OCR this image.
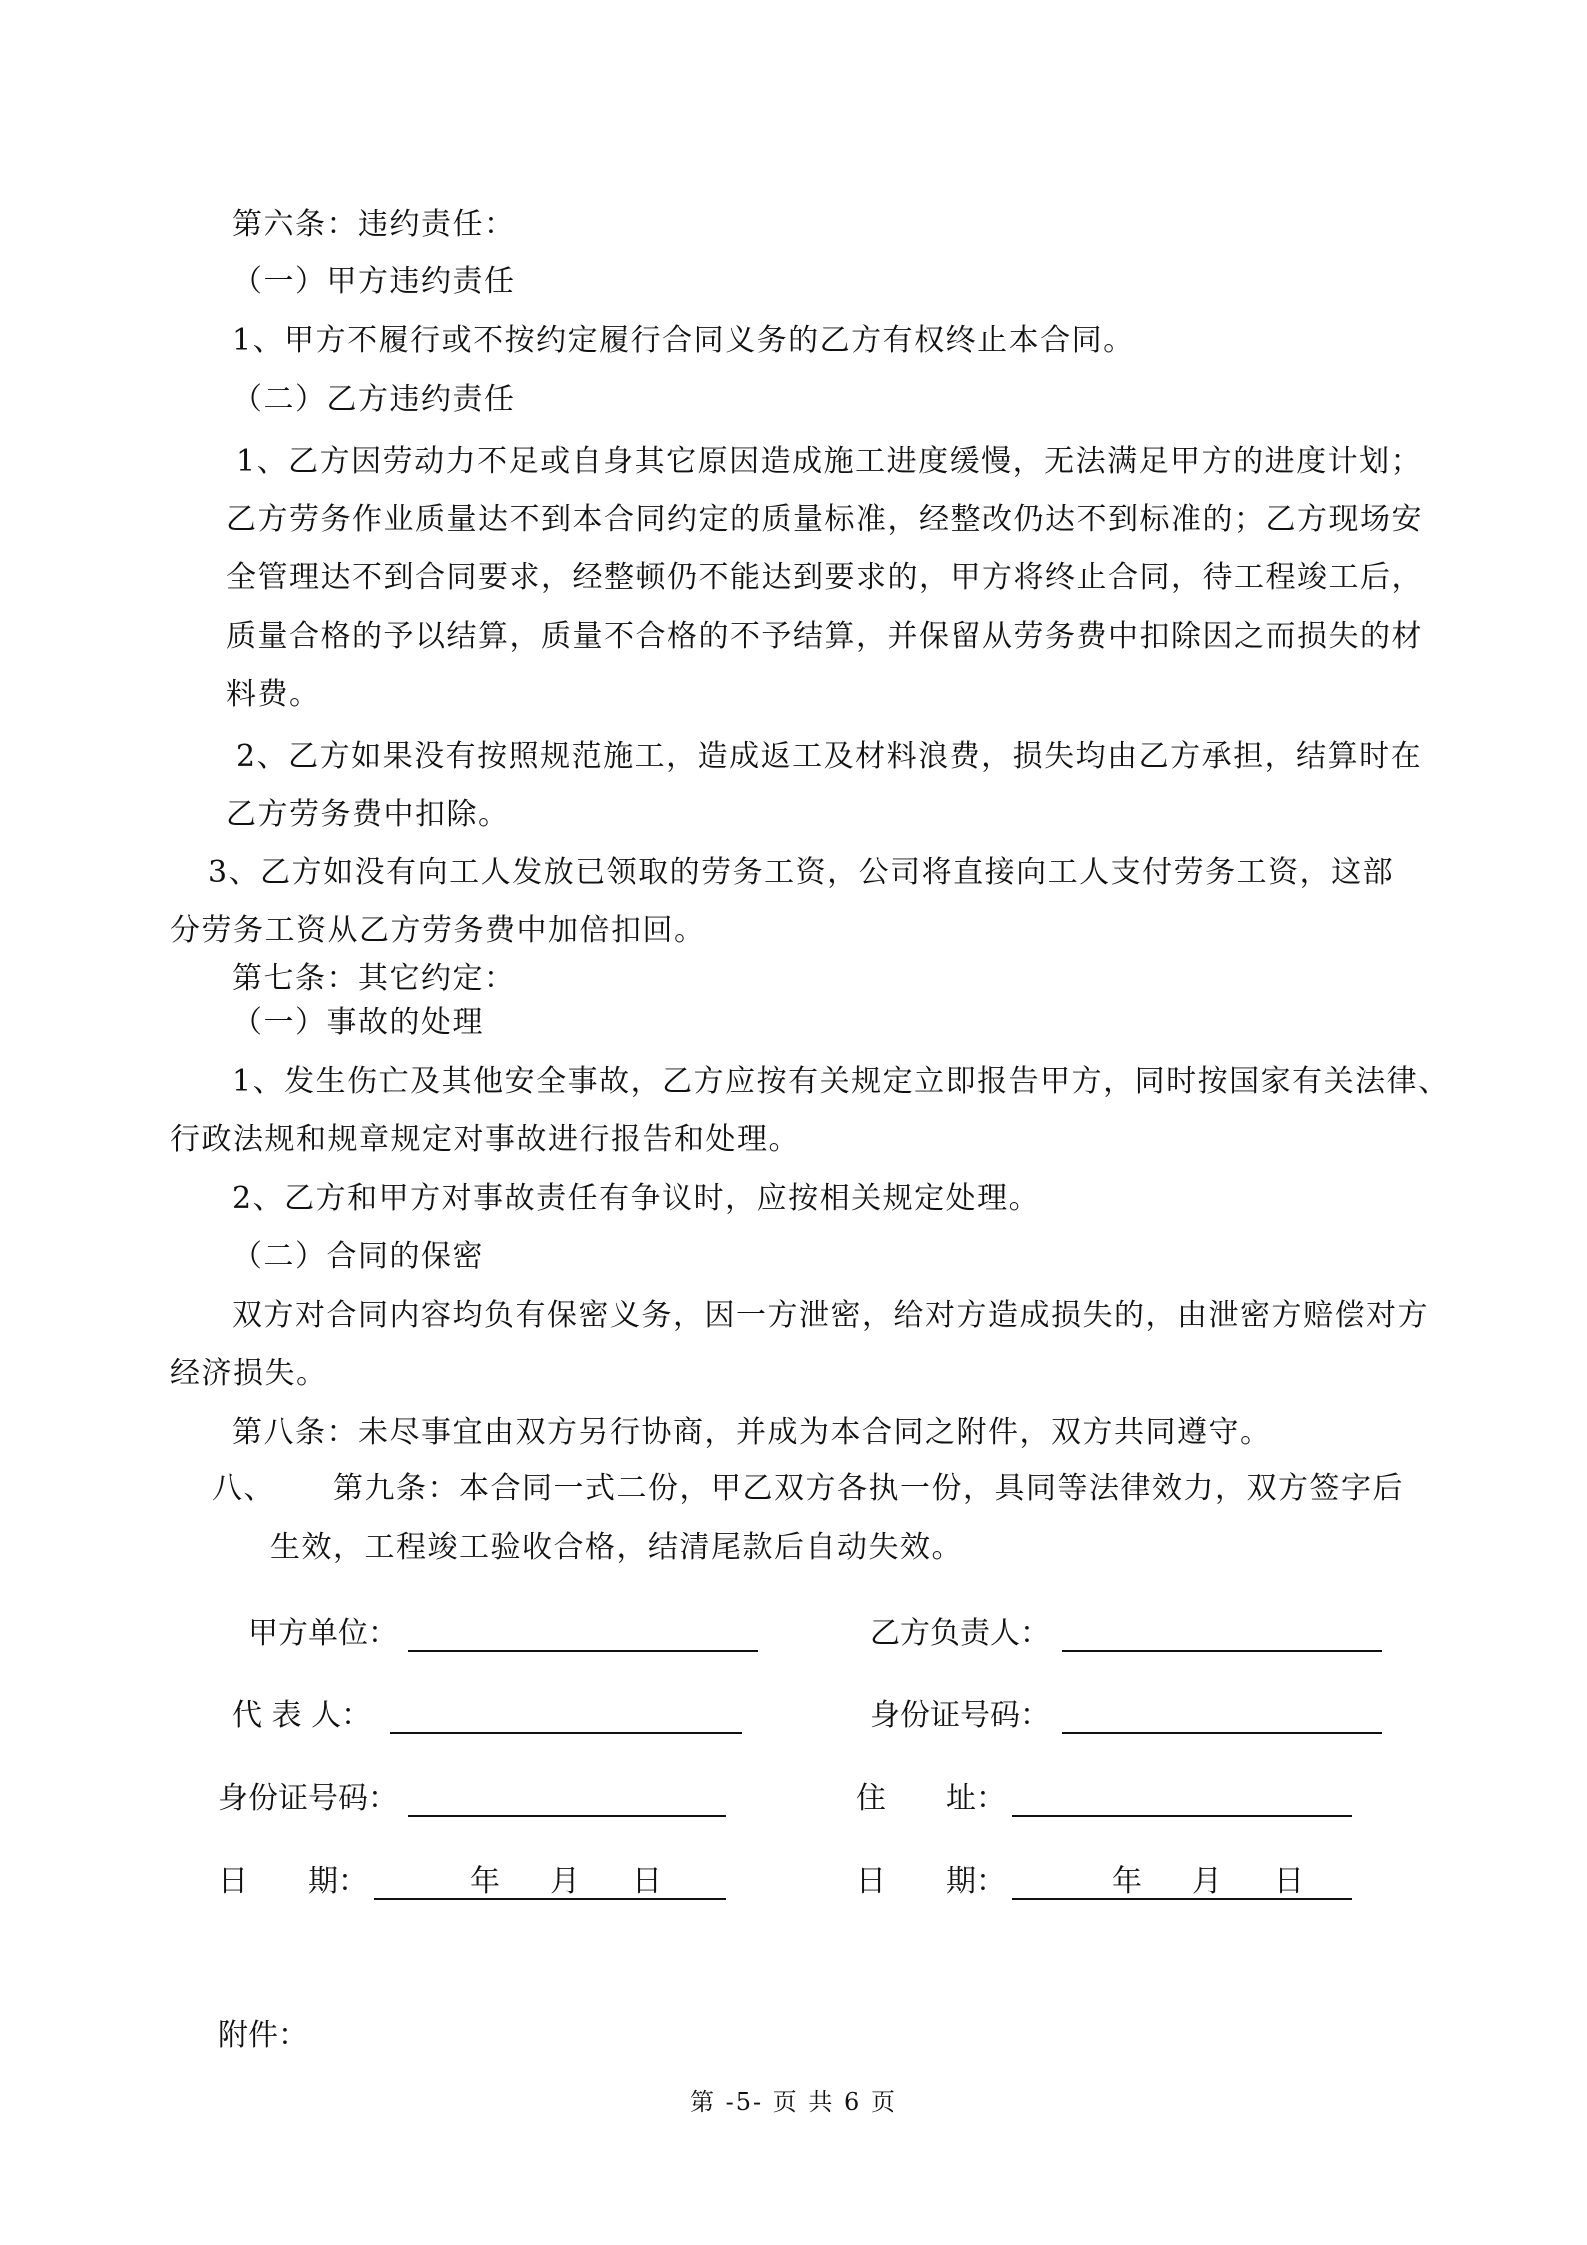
第六条：违约责任：
（一）甲方违约责任
1、甲方不履行或不按约定履行合同义务的乙方有权终止本合同。
（二）乙方违约责任
1、乙方因劳动力不足或自身其它原因造成施工进度缓慢，无法满足甲方的进度计划；
乙方劳务作业质量达不到本合同约定的质量标准，经整改仍达不到标准的；乙方现场安
全管理达不到合同要求，经整顿仍不能达到要求的，甲方将终止合同，待工程竣工后，
质量合格的予以结算，质量不合格的不予结算，并保留从劳务费中扣除因之而损失的材
料费。
2、乙方如果没有按照规范施工，造成返工及材料浪费，损失均由乙方承担，结算时在
乙方劳务费中扣除。
3、乙方如没有向工人发放已领取的劳务工资，公司将直接向工人支付劳务工资，这部
分劳务工资从乙方劳务费中加倍扣回。
第七条：其它约定：
（一）事故的处理
1、发生伤亡及其他安全事故，乙方应按有关规定立即报告甲方，同时按国家有关法律、
行政法规和规章规定对事故进行报告和处理。
2、乙方和甲方对事故责任有争议时，应按相关规定处理。
（二）合同的保密
双方对合同内容均负有保密义务，因一方泄密，给对方造成损失的，由泄密方赔偿对方
经济损失。
第八条：未尽事宜由双方另行协商，并成为本合同之附件，双方共同遵守。
八、 第九条：本合同一式二份，甲乙双方各执一份，具同等法律效力，双方签字后
生效，工程竣工验收合格，结清尾款后自动失效。
甲方单位：	乙方负责人：
代 表 人：	身份证号码：
身份证号码：	住　　址：
日　　期：	年 月 日	日　　期：	年 月 日
附件：
第 -5- 页 共 6 页
